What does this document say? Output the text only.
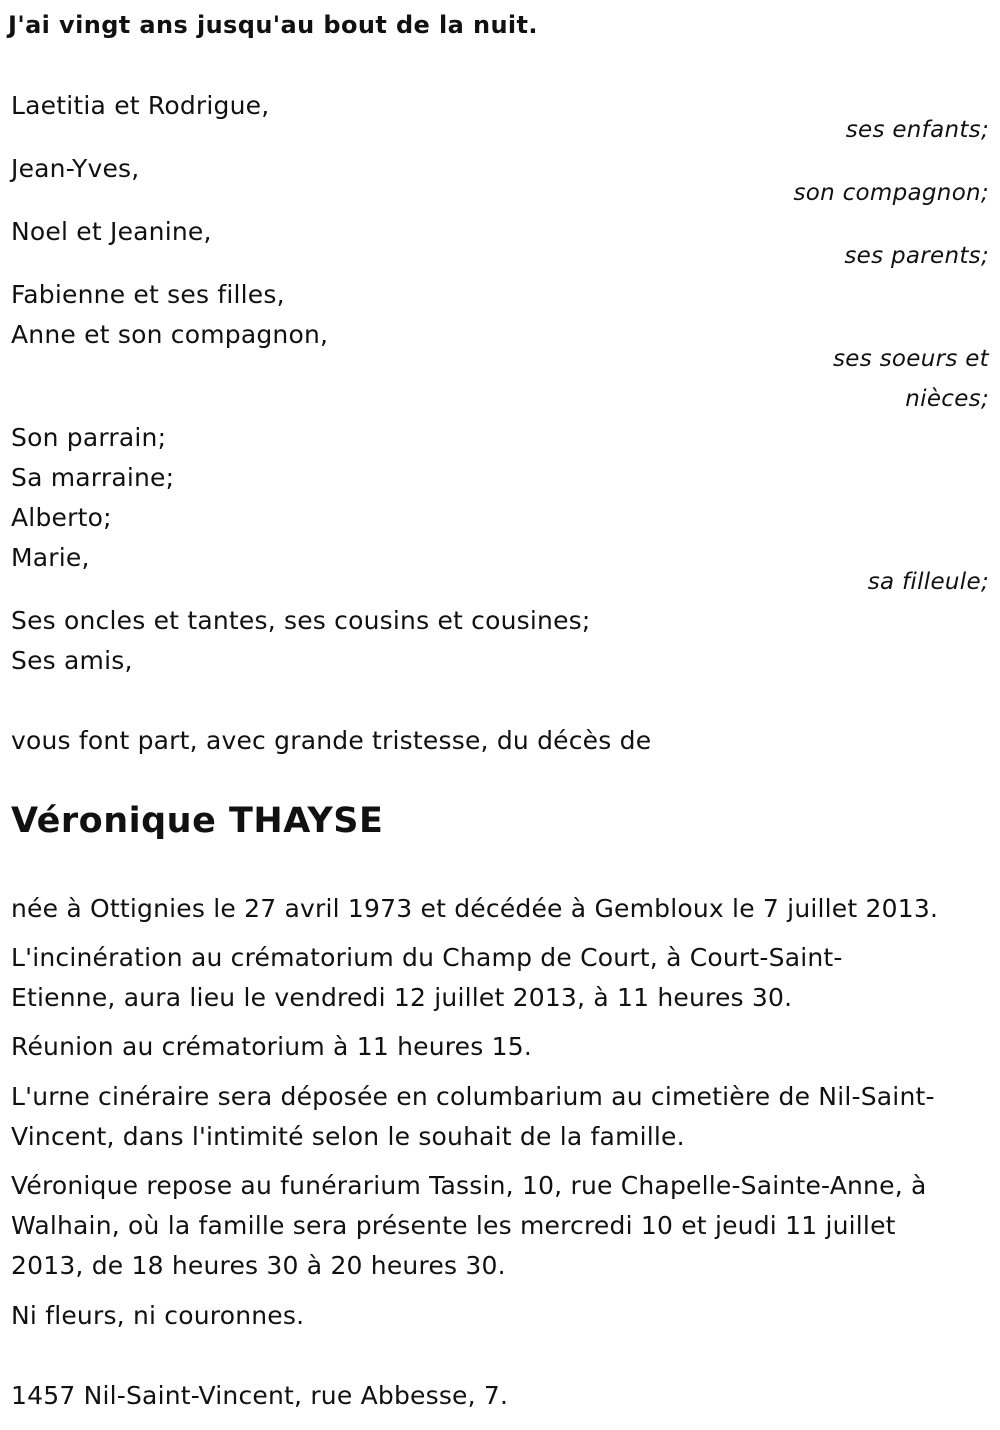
J'ai vingt ans jusqu'au bout de la nuit.
Laetitia et Rodrigue,
ses enfants;
Jean-Yves,
son compagnon;
Noel et Jeanine,
ses parents;
Fabienne et ses filles,
Anne et son compagnon,
ses soeurs et
nièces;
Son parrain;
Sa marraine;
Alberto;
Marie,
sa filleule;
Ses oncles et tantes, ses cousins et cousines;
Ses amis,
vous font part, avec grande tristesse, du décès de
Véronique THAYSE
née à Ottignies le 27 avril 1973 et décédée à Gembloux le 7 juillet 2013.
L'incinération au crématorium du Champ de Court, à Court-Saint-
Etienne, aura lieu le vendredi 12 juillet 2013, à 11 heures 30.
Réunion au crématorium à 11 heures 15.
L'urne cinéraire sera déposée en columbarium au cimetière de Nil-Saint-
Vincent, dans l'intimité selon le souhait de la famille.
Véronique repose au funérarium Tassin, 10, rue Chapelle-Sainte-Anne, à
Walhain, où la famille sera présente les mercredi 10 et jeudi 11 juillet
2013, de 18 heures 30 à 20 heures 30.
Ni fleurs, ni couronnes.
1457 Nil-Saint-Vincent, rue Abbesse, 7.
